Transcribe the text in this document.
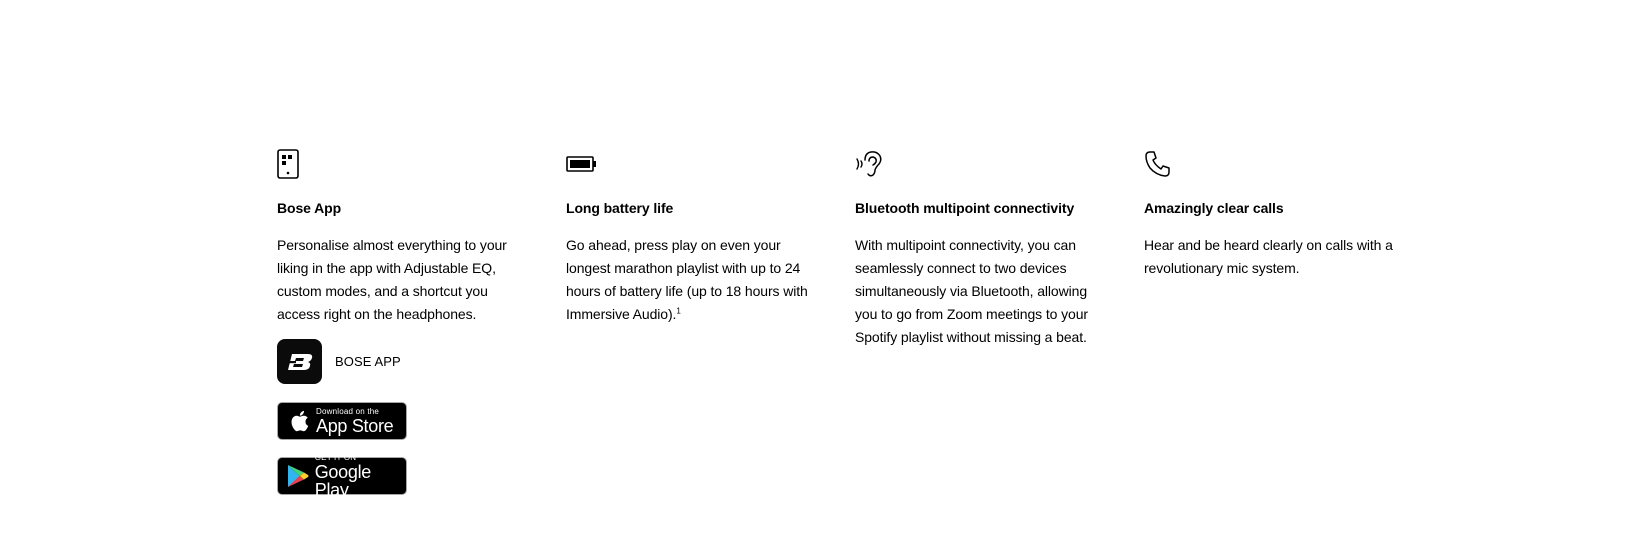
Bose App

Personalise almost everything to your liking in the app with Adjustable EQ, custom modes, and a shortcut you access right on the headphones.

BOSE APP
Download on the
App Store
GET IT ON
Google Play
Long battery life

Go ahead, press play on even your longest marathon playlist with up to 24 hours of battery life (up to 18 hours with Immersive Audio).$^1$

Bluetooth multipoint connectivity

With multipoint connectivity, you can seamlessly connect to two devices simultaneously via Bluetooth, allowing you to go from Zoom meetings to your Spotify playlist without missing a beat.

Amazingly clear calls

Hear and be heard clearly on calls with a revolutionary mic system.
